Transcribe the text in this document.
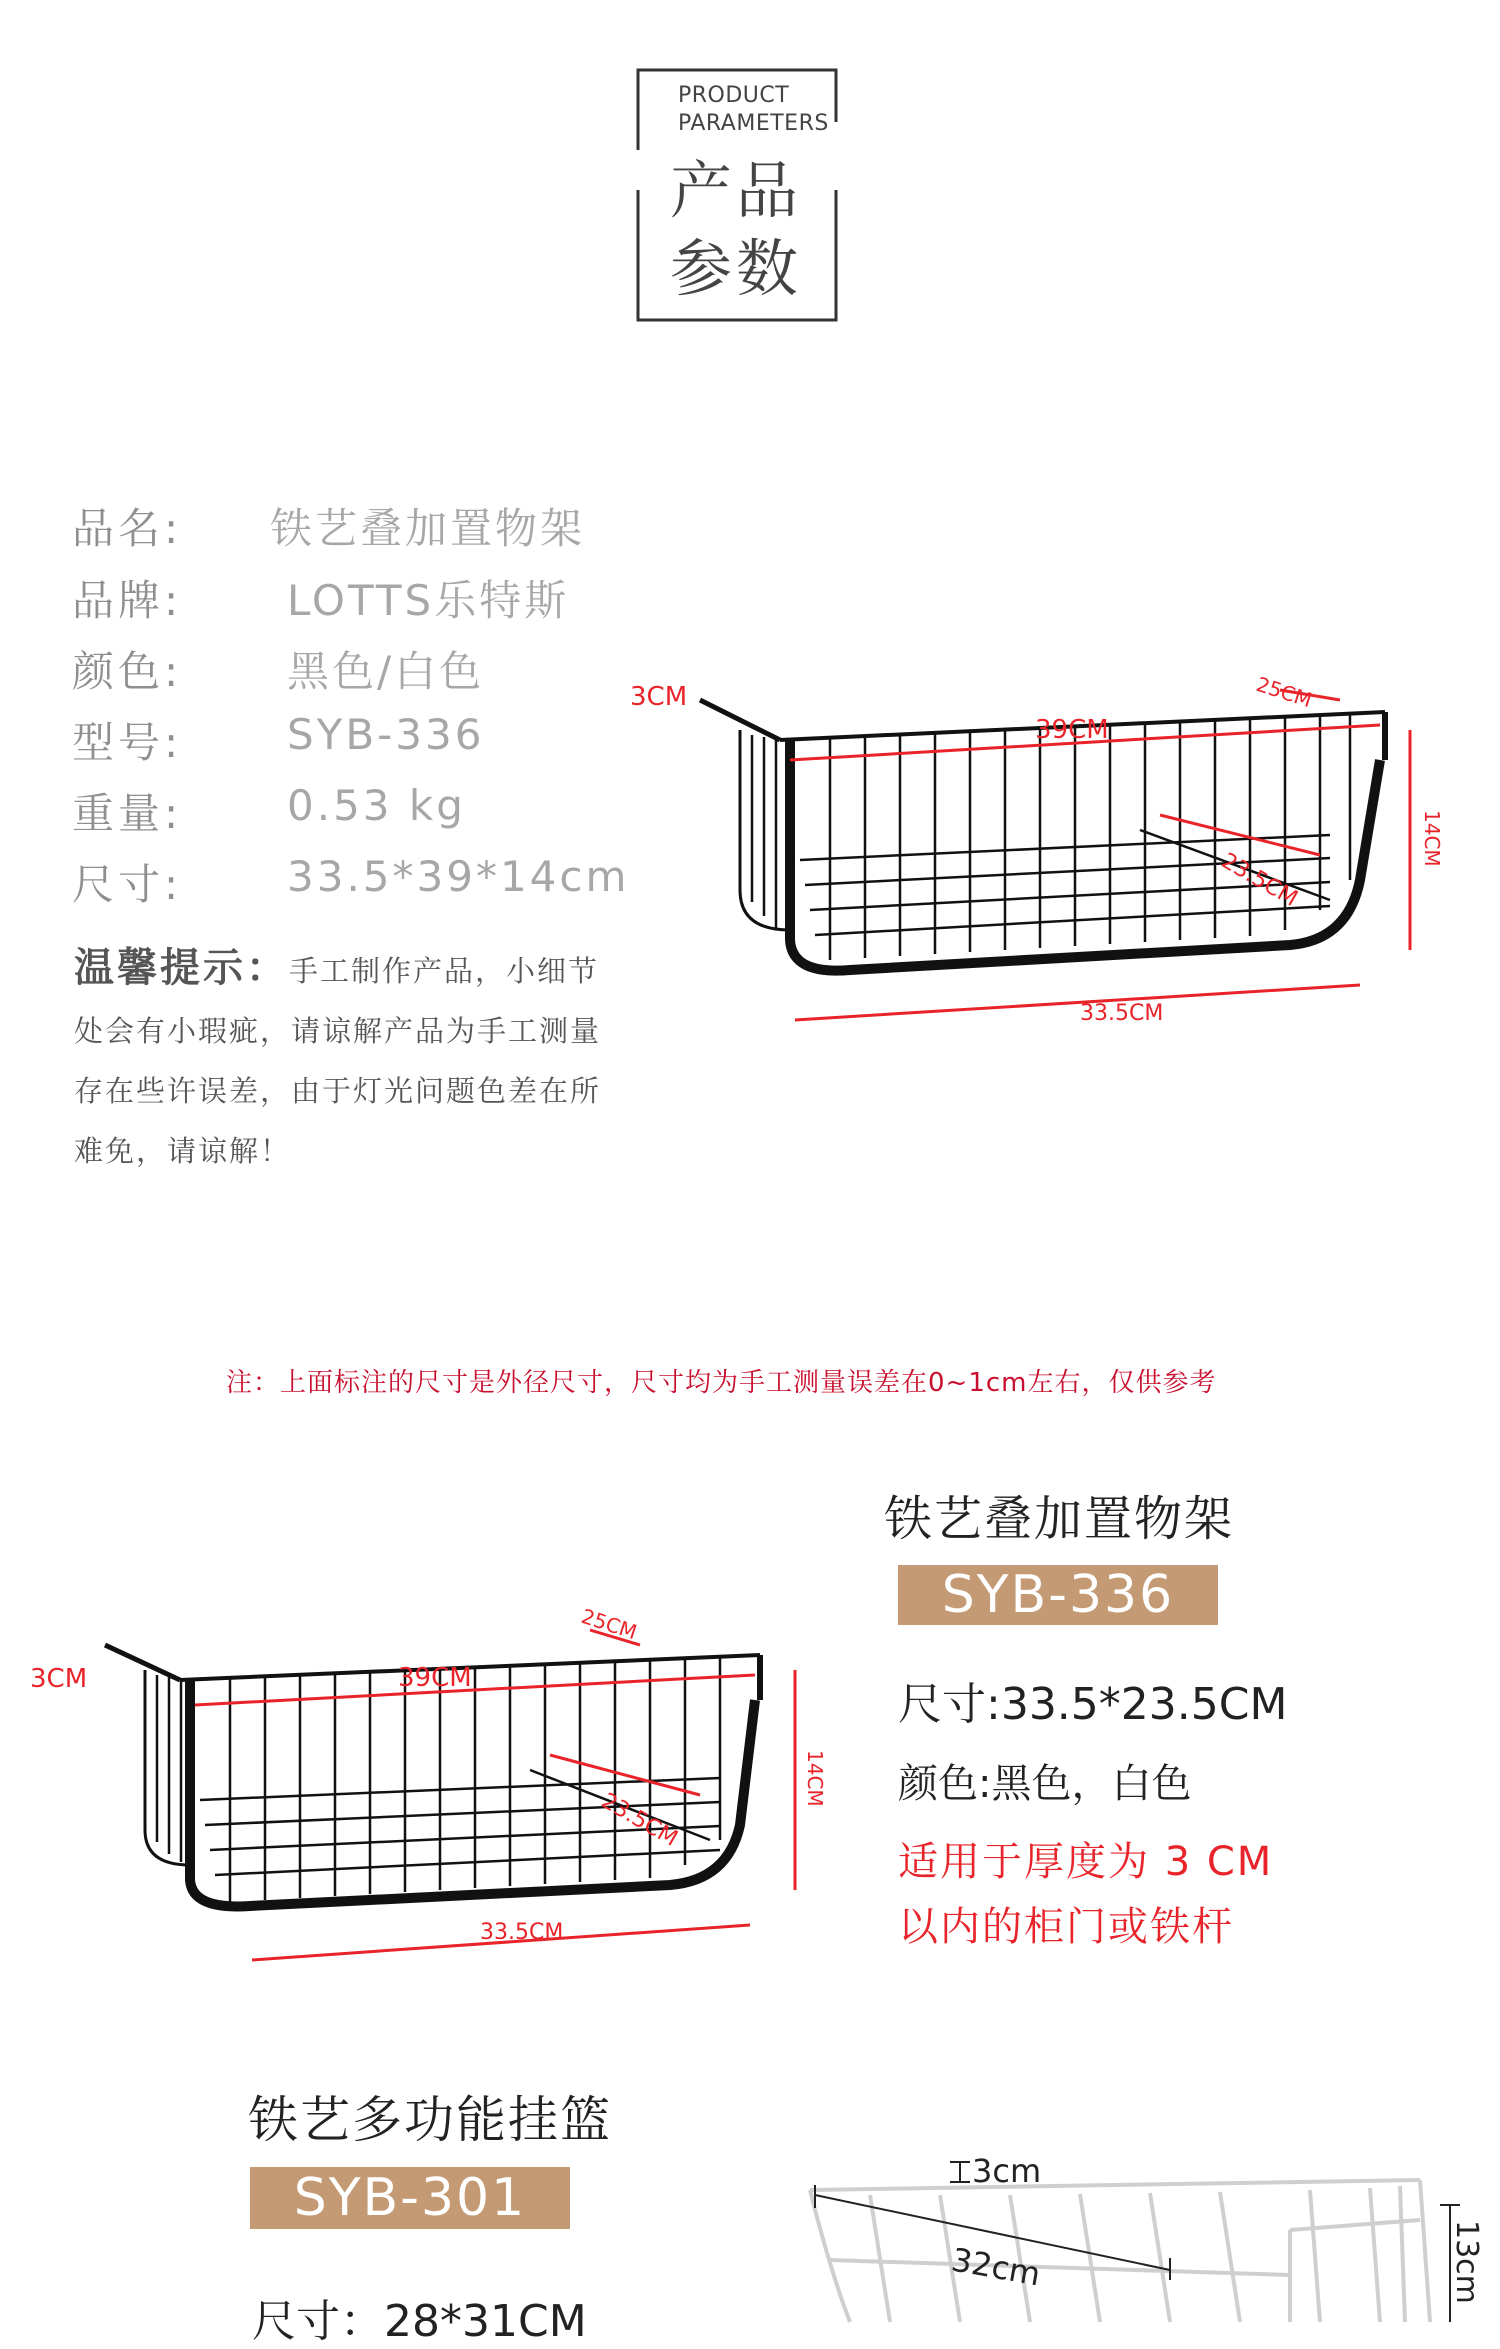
PRODUCT
PARAMETERS
产品
参数
品名: 铁艺叠加置物架
品牌: LOTTS乐特斯
颜色: 黑色/白色
型号: SYB-336
重量: 0.53 kg
尺寸: 33.5*39*14cm
温馨提示：手工制作产品，小细节
处会有小瑕疵，请谅解产品为手工测量
存在些许误差，由于灯光问题色差在所
难免，请谅解！
3CM
39CM
25CM
14CM
23.5CM
33.5CM
注：上面标注的尺寸是外径尺寸，尺寸均为手工测量误差在0~1cm左右，仅供参考
3CM	39CM
25CM
14CM
23.5CM
33.5CM
铁艺叠加置物架
SYB-336
尺寸:33.5*23.5CM
颜色:黑色，白色
适用于厚度为 3 CM
以内的柜门或铁杆
铁艺多功能挂篮
SYB-301
尺寸：28*31CM
3cm
32cm	13cm
